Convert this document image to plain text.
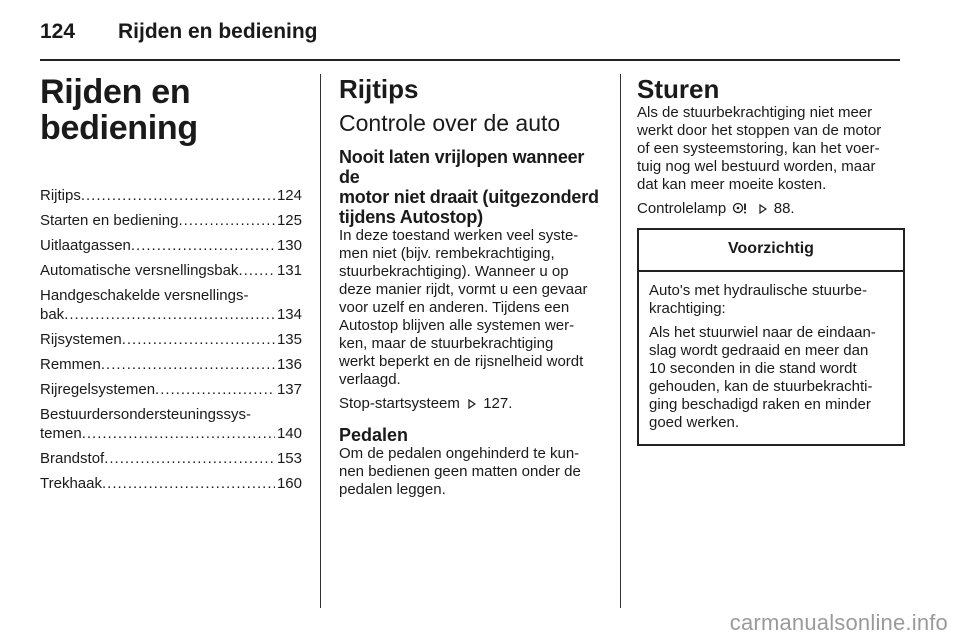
124 Rijden en bediening
Rijden en bediening
Rijtips .....	124
Starten en bediening .....	125
Uitlaatgassen .....	130
Automatische versnellingsbak .....	131
Handgeschakelde versnellings-
bak .....	134
Rijsystemen .....	135
Remmen .....	136
Rijregelsystemen .....	137
Bestuurdersondersteuningssys-
temen .....	140
Brandstof .....	153
Trekhaak .....	160
Rijtips
Controle over de auto
Nooit laten vrijlopen wanneer de
motor niet draait (uitgezonderd
tijdens Autostop)
In deze toestand werken veel syste-
men niet (bijv. rembekrachtiging,
stuurbekrachtiging). Wanneer u op
deze manier rijdt, vormt u een gevaar
voor uzelf en anderen. Tijdens een
Autostop blijven alle systemen wer-
ken, maar de stuurbekrachtiging
werkt beperkt en de rijsnelheid wordt
verlaagd.
Stop-startsysteem 127.
Pedalen
Om de pedalen ongehinderd te kun-
nen bedienen geen matten onder de
pedalen leggen.
Sturen
Als de stuurbekrachtiging niet meer
werkt door het stoppen van de motor
of een systeemstoring, kan het voer-
tuig nog wel bestuurd worden, maar
dat kan meer moeite kosten.
Controlelamp	88.
Voorzichtig
Auto's met hydraulische stuurbe-
krachtiging:
Als het stuurwiel naar de eindaan-
slag wordt gedraaid en meer dan
10 seconden in die stand wordt
gehouden, kan de stuurbekrachti-
ging beschadigd raken en minder
goed werken.
carmanualsonline.info
